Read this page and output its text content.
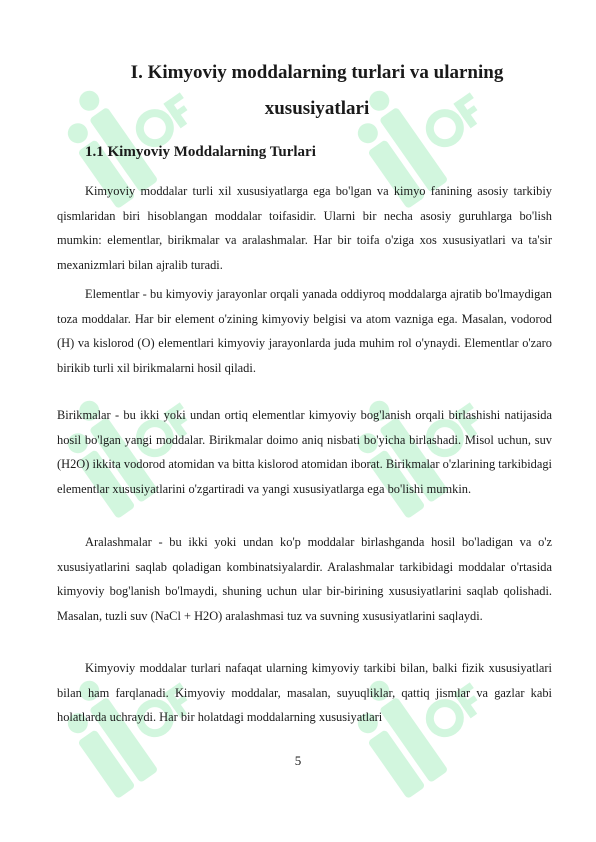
I. Kimyoviy moddalarning turlari va ularning
xususiyatlari
1.1 Kimyoviy Moddalarning Turlari

Kimyoviy moddalar turli xil xususiyatlarga ega bo'lgan va kimyo fanining asosiy tarkibiy qismlaridan biri hisoblangan moddalar toifasidir. Ularni bir necha asosiy guruhlarga bo'lish mumkin: elementlar, birikmalar va aralashmalar. Har bir toifa o'ziga xos xususiyatlari va ta'sir mexanizmlari bilan ajralib turadi.

Elementlar - bu kimyoviy jarayonlar orqali yanada oddiyroq moddalarga ajratib bo'lmaydigan toza moddalar. Har bir element o'zining kimyoviy belgisi va atom vazniga ega. Masalan, vodorod (H) va kislorod (O) elementlari kimyoviy jarayonlarda juda muhim rol o'ynaydi. Elementlar o'zaro birikib turli xil birikmalarni hosil qiladi.

Birikmalar - bu ikki yoki undan ortiq elementlar kimyoviy bog'lanish orqali birlashishi natijasida hosil bo'lgan yangi moddalar. Birikmalar doimo aniq nisbati bo'yicha birlashadi. Misol uchun, suv (H2O) ikkita vodorod atomidan va bitta kislorod atomidan iborat. Birikmalar o'zlarining tarkibidagi elementlar xususiyatlarini o'zgartiradi va yangi xususiyatlarga ega bo'lishi mumkin.

Aralashmalar - bu ikki yoki undan ko'p moddalar birlashganda hosil bo'ladigan va o'z xususiyatlarini saqlab qoladigan kombinatsiyalardir. Aralashmalar tarkibidagi moddalar o'rtasida kimyoviy bog'lanish bo'lmaydi, shuning uchun ular bir-birining xususiyatlarini saqlab qolishadi. Masalan, tuzli suv (NaCl + H2O) aralashmasi tuz va suvning xususiyatlarini saqlaydi.

Kimyoviy moddalar turlari nafaqat ularning kimyoviy tarkibi bilan, balki fizik xususiyatlari bilan ham farqlanadi. Kimyoviy moddalar, masalan, suyuqliklar, qattiq jismlar va gazlar kabi holatlarda uchraydi. Har bir holatdagi moddalarning xususiyatlari

5
